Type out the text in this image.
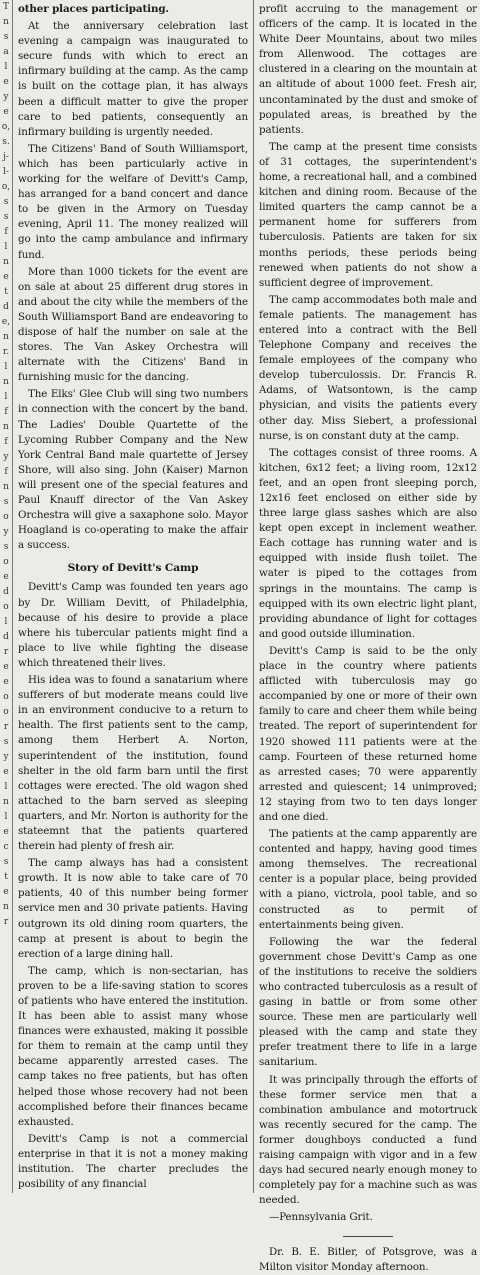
T
n
s
a
l
e
y
e
o,
s.
j-
l-
o,
s
s
f
l
n
e
t
d
e,
n
r.
l
n
l
f
n
f
y
f
n
s
o
y
s
o
e
d
o
l
d
r
e
e
o
o
r
s
y
e
l
n
l
e
c
s
t
e
n
r

other places participating.

At the anniversary celebration last evening a campaign was inaugurated to secure funds with which to erect an infirmary building at the camp. As the camp is built on the cottage plan, it has always been a difficult matter to give the proper care to bed patients, consequently an infirmary building is urgently needed.

The Citizens' Band of South Williamsport, which has been particularly active in working for the welfare of Devitt's Camp, has arranged for a band concert and dance to be given in the Armory on Tuesday evening, April 11. The money realized will go into the camp ambulance and infirmary fund.

More than 1000 tickets for the event are on sale at about 25 different drug stores in and about the city while the members of the South Williamsport Band are endeavoring to dispose of half the number on sale at the stores. The Van Askey Orchestra will alternate with the Citizens' Band in furnishing music for the dancing.

The Elks' Glee Club will sing two numbers in connection with the concert by the band. The Ladies' Double Quartette of the Lycoming Rubber Company and the New York Central Band male quartette of Jersey Shore, will also sing. John (Kaiser) Marnon will present one of the special features and Paul Knauff director of the Van Askey Orchestra will give a saxaphone solo. Mayor Hoagland is co-operating to make the affair a success.

Story of Devitt's Camp

Devitt's Camp was founded ten years ago by Dr. William Devitt, of Philadelphia, because of his desire to provide a place where his tubercular patients might find a place to live while fighting the disease which threatened their lives.

His idea was to found a sanatarium where sufferers of but moderate means could live in an environment conducive to a return to health. The first patients sent to the camp, among them Herbert A. Norton, superintendent of the institution, found shelter in the old farm barn until the first cottages were erected. The old wagon shed attached to the barn served as sleeping quarters, and Mr. Norton is authority for the stateemnt that the patients quartered therein had plenty of fresh air.

The camp always has had a consistent growth. It is now able to take care of 70 patients, 40 of this number being former service men and 30 private patients. Having outgrown its old dining room quarters, the camp at present is about to begin the erection of a large dining hall.

The camp, which is non-sectarian, has proven to be a life-saving station to scores of patients who have entered the institution. It has been able to assist many whose finances were exhausted, making it possible for them to remain at the camp until they became apparently arrested cases. The camp takes no free patients, but has often helped those whose recovery had not been accomplished before their finances became exhausted.

Devitt's Camp is not a commercial enterprise in that it is not a money making institution. The charter precludes the posibility of any financial

profit accruing to the management or officers of the camp. It is located in the White Deer Mountains, about two miles from Allenwood. The cottages are clustered in a clearing on the mountain at an altitude of about 1000 feet. Fresh air, uncontaminated by the dust and smoke of populated areas, is breathed by the patients.

The camp at the present time consists of 31 cottages, the superintendent's home, a recreational hall, and a combined kitchen and dining room. Because of the limited quarters the camp cannot be a permanent home for sufferers from tuberculosis. Patients are taken for six months periods, these periods being renewed when patients do not show a sufficient degree of improvement.

The camp accommodates both male and female patients. The management has entered into a contract with the Bell Telephone Company and receives the female employees of the company who develop tuberculossis. Dr. Francis R. Adams, of Watsontown, is the camp physician, and visits the patients every other day. Miss Siebert, a professional nurse, is on constant duty at the camp.

The cottages consist of three rooms. A kitchen, 6x12 feet; a living room, 12x12 feet, and an open front sleeping porch, 12x16 feet enclosed on either side by three large glass sashes which are also kept open except in inclement weather. Each cottage has running water and is equipped with inside flush toilet. The water is piped to the cottages from springs in the mountains. The camp is equipped with its own electric light plant, providing abundance of light for cottages and good outside illumination.

Devitt's Camp is said to be the only place in the country where patients afflicted with tuberculosis may go accompanied by one or more of their own family to care and cheer them while being treated. The report of superintendent for 1920 showed 111 patients were at the camp. Fourteen of these returned home as arrested cases; 70 were apparently arrested and quiescent; 14 unimproved; 12 staying from two to ten days longer and one died.

The patients at the camp apparently are contented and happy, having good times among themselves. The recreational center is a popular place, being provided with a piano, victrola, pool table, and so constructed as to permit of entertainments being given.

Following the war the federal government chose Devitt's Camp as one of the institutions to receive the soldiers who contracted tuberculosis as a result of gasing in battle or from some other source. These men are particularly well pleased with the camp and state they prefer treatment there to life in a large sanitarium.

It was principally through the efforts of these former service men that a combination ambulance and motortruck was recently secured for the camp. The former doughboys conducted a fund raising campaign with vigor and in a few days had secured nearly enough money to completely pay for a machine such as was needed.

—Pennsylvania Grit.

Dr. B. E. Bitler, of Potsgrove, was a Milton visitor Monday afternoon.
